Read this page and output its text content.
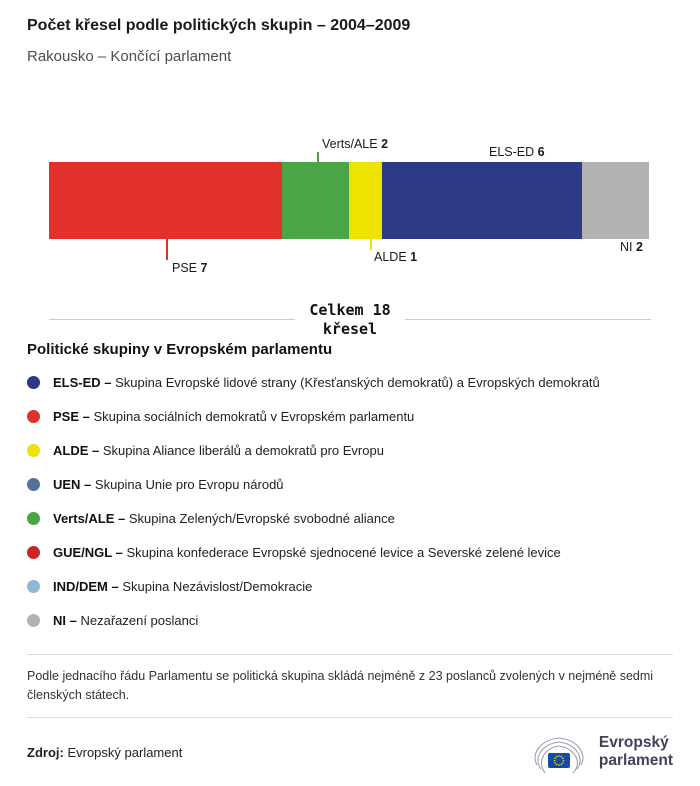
Počet křesel podle politických skupin – 2004–2009
Rakousko – Končící parlament
Verts/ALE 2
ELS-ED 6
PSE 7
ALDE 1
NI 2
Celkem 18
křesel
Politické skupiny v Evropském parlamentu
ELS-ED – Skupina Evropské lidové strany (Křesťanských demokratů) a Evropských demokratů
PSE – Skupina sociálních demokratů v Evropském parlamentu
ALDE – Skupina Aliance liberálů a demokratů pro Evropu
UEN – Skupina Unie pro Evropu národů
Verts/ALE – Skupina Zelených/Evropské svobodné aliance
GUE/NGL – Skupina konfederace Evropské sjednocené levice a Severské zelené levice
IND/DEM – Skupina Nezávislost/Demokracie
NI – Nezařazení poslanci
Podle jednacího řádu Parlamentu se politická skupina skládá nejméně z 23 poslanců zvolených v nejméně sedmi členských státech.
Zdroj: Evropský parlament
Evropský
parlament
